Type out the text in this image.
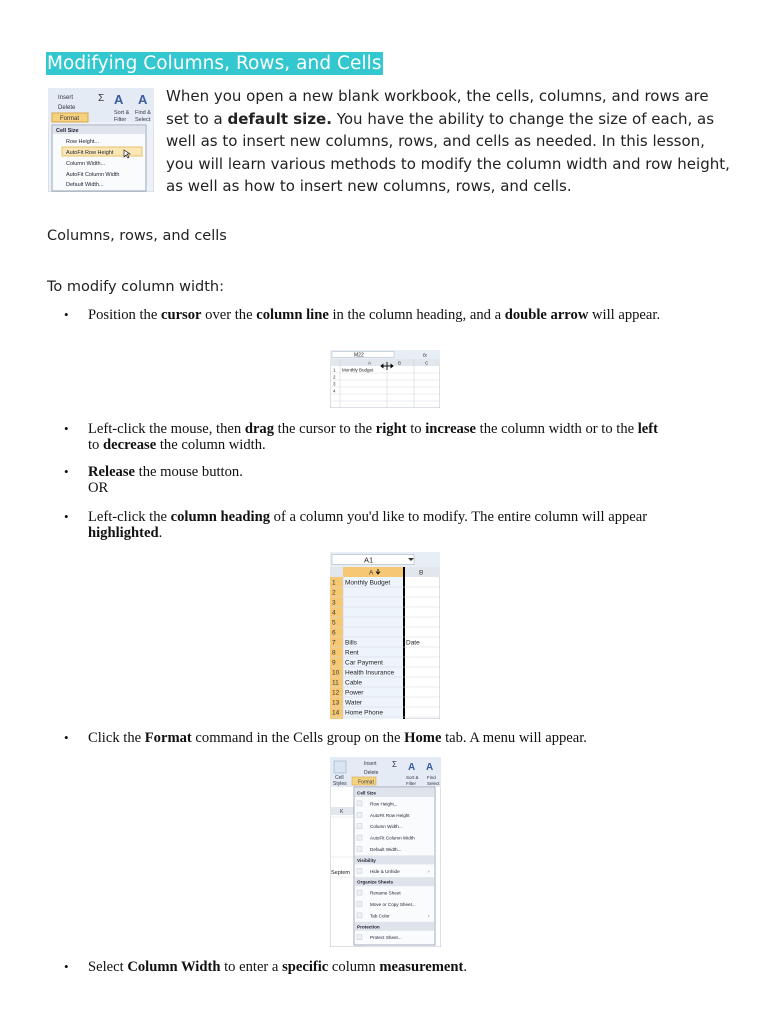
Modifying Columns, Rows, and Cells
Insert
Delete
Format
Σ A A
Sort & Find &
Filter Select
Cell Size
Row Height...
AutoFit Row Height
Column Width...
AutoFit Column Width
Default Width...

When you open a new blank workbook, the cells, columns, and rows are set to a default size. You have the ability to change the size of each, as well as to insert new columns, rows, and cells as needed. In this lesson, you will learn various methods to modify the column width and row height, as well as how to insert new columns, rows, and cells.

Columns, rows, and cells
To modify column width:
• Position the cursor over the column line in the column heading, and a double arrow will appear.
M22	fx
A	B	C
1
2
3
4
Monthly Budget
• Left-click the mouse, then drag the cursor to the right to increase the column width or to the left to decrease the column width.
• Release the mouse button.
OR
• Left-click the column heading of a column you'd like to modify. The entire column will appear highlighted.
A1
A	B
1 Monthly Budget
2
3
4
5
6
7 Bills	Date
8 Rent
9 Car Payment
10 Health Insurance
11 Cable
12 Power
13 Water
14 Home Phone
• Click the Format command in the Cells group on the Home tab. A menu will appear.
Cell
Styles
Insert
Delete
Format
Σ A A
Sort & Find
Filter Select
K
Septem
Cell Size
Row Height...
AutoFit Row Height
Column Width...
AutoFit Column Width
Default Width...
Visibility
Hide & Unhide	›
Organize Sheets
Rename Sheet
Move or Copy Sheet...
Tab Color	›
Protection
Protect Sheet...
• Select Column Width to enter a specific column measurement.
